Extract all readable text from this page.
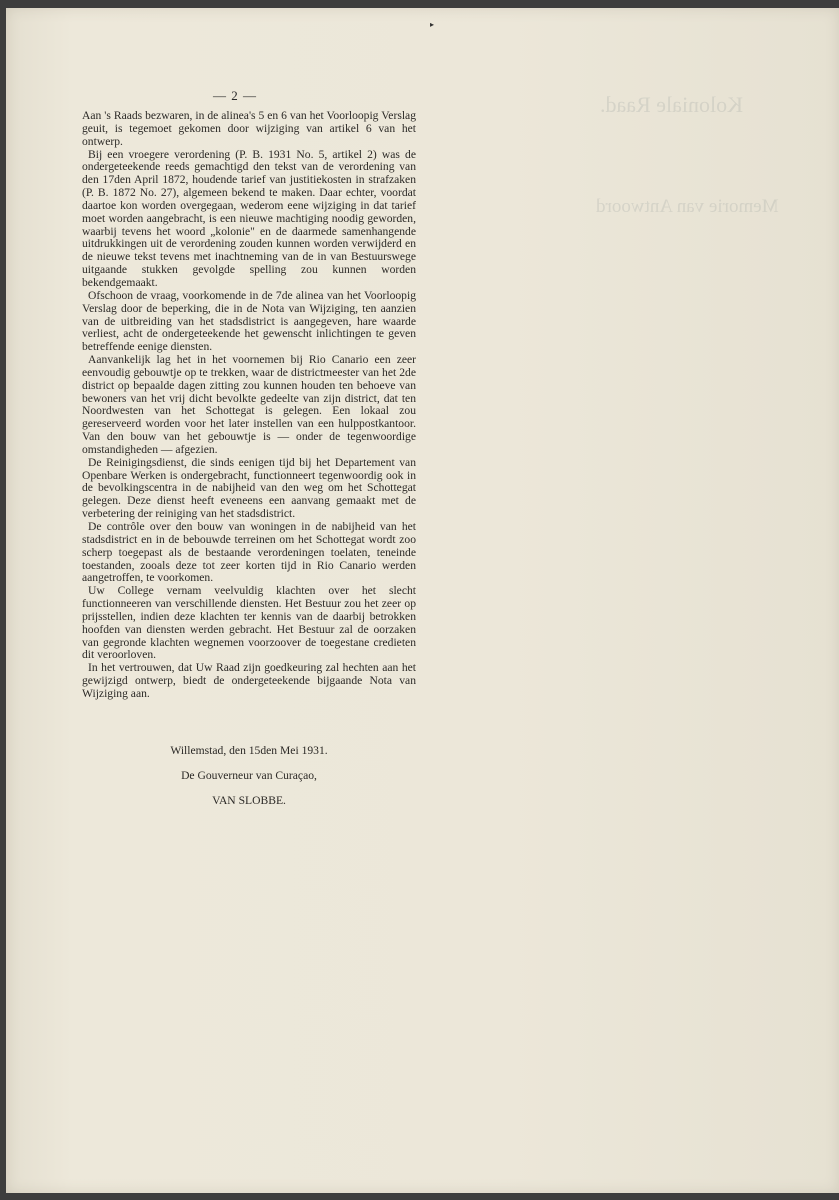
▸
Koloniale Raad.
Memorie van Antwoord
— 2 —

Aan 's Raads bezwaren, in de alinea's 5 en 6 van het Voorloopig Verslag geuit, is tegemoet gekomen door wijziging van artikel 6 van het ontwerp.

Bij een vroegere verordening (P. B. 1931 No. 5, artikel 2) was de ondergeteekende reeds gemachtigd den tekst van de verordening van den 17den April 1872, houdende tarief van justitiekosten in strafzaken (P. B. 1872 No. 27), algemeen bekend te maken. Daar echter, voordat daartoe kon worden overgegaan, wederom eene wijziging in dat tarief moet worden aangebracht, is een nieuwe machtiging noodig geworden, waarbij tevens het woord „kolonie" en de daarmede samenhangende uitdrukkingen uit de verordening zouden kunnen worden verwijderd en de nieuwe tekst tevens met inachtneming van de in van Bestuurswege uitgaande stukken gevolgde spelling zou kunnen worden bekendgemaakt.

Ofschoon de vraag, voorkomende in de 7de alinea van het Voorloopig Verslag door de beperking, die in de Nota van Wijziging, ten aanzien van de uitbreiding van het stadsdistrict is aangegeven, hare waarde verliest, acht de ondergeteekende het gewenscht inlichtingen te geven betreffende eenige diensten.

Aanvankelijk lag het in het voornemen bij Rio Canario een zeer eenvoudig gebouwtje op te trekken, waar de districtmeester van het 2de district op bepaalde dagen zitting zou kunnen houden ten behoeve van bewoners van het vrij dicht bevolkte gedeelte van zijn district, dat ten Noordwesten van het Schottegat is gelegen. Een lokaal zou gereserveerd worden voor het later instellen van een hulppostkantoor. Van den bouw van het gebouwtje is — onder de tegenwoordige omstandigheden — afgezien.

De Reinigingsdienst, die sinds eenigen tijd bij het Departement van Openbare Werken is ondergebracht, functionneert tegenwoordig ook in de bevolkingscentra in de nabijheid van den weg om het Schottegat gelegen. Deze dienst heeft eveneens een aanvang gemaakt met de verbetering der reiniging van het stadsdistrict.

De contrôle over den bouw van woningen in de nabijheid van het stadsdistrict en in de bebouwde terreinen om het Schottegat wordt zoo scherp toegepast als de bestaande verordeningen toelaten, teneinde toestanden, zooals deze tot zeer korten tijd in Rio Canario werden aangetroffen, te voorkomen.

Uw College vernam veelvuldig klachten over het slecht functionneeren van verschillende diensten. Het Bestuur zou het zeer op prijsstellen, indien deze klachten ter kennis van de daarbij betrokken hoofden van diensten werden gebracht. Het Bestuur zal de oorzaken van gegronde klachten wegnemen voorzoover de toegestane credieten dit veroorloven.

In het vertrouwen, dat Uw Raad zijn goedkeuring zal hechten aan het gewijzigd ontwerp, biedt de ondergeteekende bijgaande Nota van Wijziging aan.

Willemstad, den 15den Mei 1931.
De Gouverneur van Curaçao,
VAN SLOBBE.
